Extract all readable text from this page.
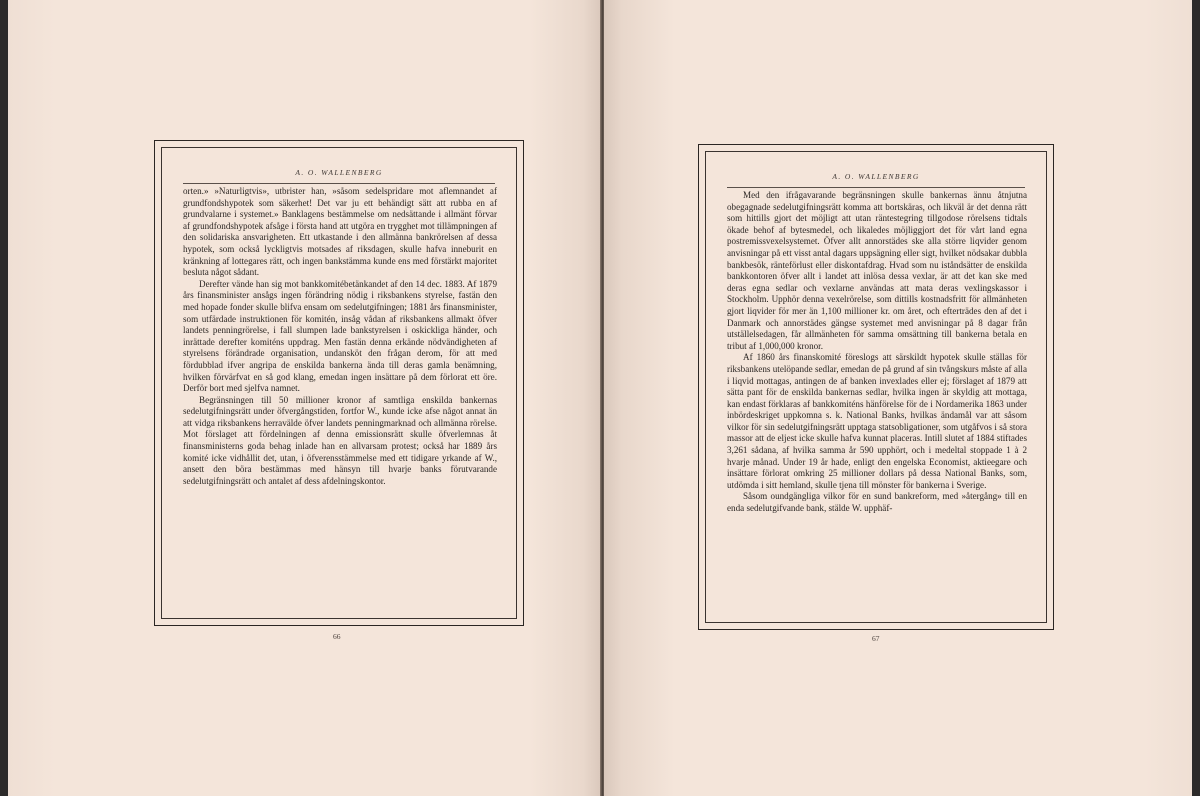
A. O. WALLENBERG

orten.» »Naturligtvis», utbrister han, »såsom sedelspridare mot aflemnandet af grundfondshypotek som säkerhet! Det var ju ett behändigt sätt att rubba en af grundvalarne i systemet.» Banklagens bestämmelse om nedsättande i allmänt förvar af grundfondshypotek afsåge i första hand att utgöra en trygghet mot tillämpningen af den solidariska ansvarigheten. Ett utkastande i den allmänna bankrörelsen af dessa hypotek, som också lyckligtvis motsades af riksdagen, skulle hafva inneburit en kränkning af lottegares rätt, och ingen bankstämma kunde ens med förstärkt majoritet besluta något sådant.

Derefter vände han sig mot bankkomitébetänkandet af den 14 dec. 1883. Af 1879 års finansminister ansågs ingen förändring nödig i riksbankens styrelse, fastän den med hopade fonder skulle blifva ensam om sedelutgifningen; 1881 års finansminister, som utfärdade instruktionen för komitén, insåg vådan af riksbankens allmakt öfver landets penningrörelse, i fall slumpen lade bankstyrelsen i oskickliga händer, och inrättade derefter komiténs uppdrag. Men fastän denna erkände nödvändigheten af styrelsens förändrade organisation, undansköt den frågan derom, för att med fördubblad ifver angripa de enskilda bankerna ända till deras gamla benämning, hvilken förvärfvat en så god klang, emedan ingen insättare på dem förlorat ett öre. Derför bort med sjelfva namnet.

Begränsningen till 50 millioner kronor af samtliga enskilda bankernas sedelutgifningsrätt under öfvergångstiden, fortfor W., kunde icke afse något annat än att vidga riksbankens herravälde öfver landets penningmarknad och allmänna rörelse. Mot förslaget att fördelningen af denna emissionsrätt skulle öfverlemnas åt finansministerns goda behag inlade han en allvarsam protest; också har 1889 års komité icke vidhållit det, utan, i öfverensstämmelse med ett tidigare yrkande af W., ansett den böra bestämmas med hänsyn till hvarje banks förutvarande sedelutgifningsrätt och antalet af dess afdelningskontor.

66
A. O. WALLENBERG

Med den ifrågavarande begränsningen skulle bankernas ännu åtnjutna obegagnade sedelutgifningsrätt komma att bortskäras, och likväl är det denna rätt som hittills gjort det möjligt att utan räntestegring tillgodose rörelsens tidtals ökade behof af bytesmedel, och likaledes möjliggjort det för vårt land egna postremissvexelsystemet. Öfver allt annorstädes ske alla större liqvider genom anvisningar på ett visst antal dagars uppsägning eller sigt, hvilket nödsakar dubbla bankbesök, ränteförlust eller diskontafdrag. Hvad som nu iståndsätter de enskilda bankkontoren öfver allt i landet att inlösa dessa vexlar, är att det kan ske med deras egna sedlar och vexlarne användas att mata deras vexlingskassor i Stockholm. Upphör denna vexelrörelse, som dittills kostnadsfritt för allmänheten gjort liqvider för mer än 1,100 millioner kr. om året, och efterträdes den af det i Danmark och annorstädes gängse systemet med anvisningar på 8 dagar från utställelsedagen, får allmänheten för samma omsättning till bankerna betala en tribut af 1,000,000 kronor.

Af 1860 års finanskomité föreslogs att särskildt hypotek skulle ställas för riksbankens utelöpande sedlar, emedan de på grund af sin tvångskurs måste af alla i liqvid mottagas, antingen de af banken invexlades eller ej; förslaget af 1879 att sätta pant för de enskilda bankernas sedlar, hvilka ingen är skyldig att mottaga, kan endast förklaras af bankkomiténs hänförelse för de i Nordamerika 1863 under inbördeskriget uppkomna s. k. National Banks, hvilkas ändamål var att såsom vilkor för sin sedelutgifningsrätt upptaga statsobligationer, som utgåfvos i så stora massor att de eljest icke skulle hafva kunnat placeras. Intill slutet af 1884 stiftades 3,261 sådana, af hvilka samma år 590 upphört, och i medeltal stoppade 1 à 2 hvarje månad. Under 19 år hade, enligt den engelska Economist, aktieegare och insättare förlorat omkring 25 millioner dollars på dessa National Banks, som, utdömda i sitt hemland, skulle tjena till mönster för bankerna i Sverige.

Såsom oundgängliga vilkor för en sund bankreform, med »återgång» till en enda sedelutgifvande bank, stälde W. upphäf-

67
